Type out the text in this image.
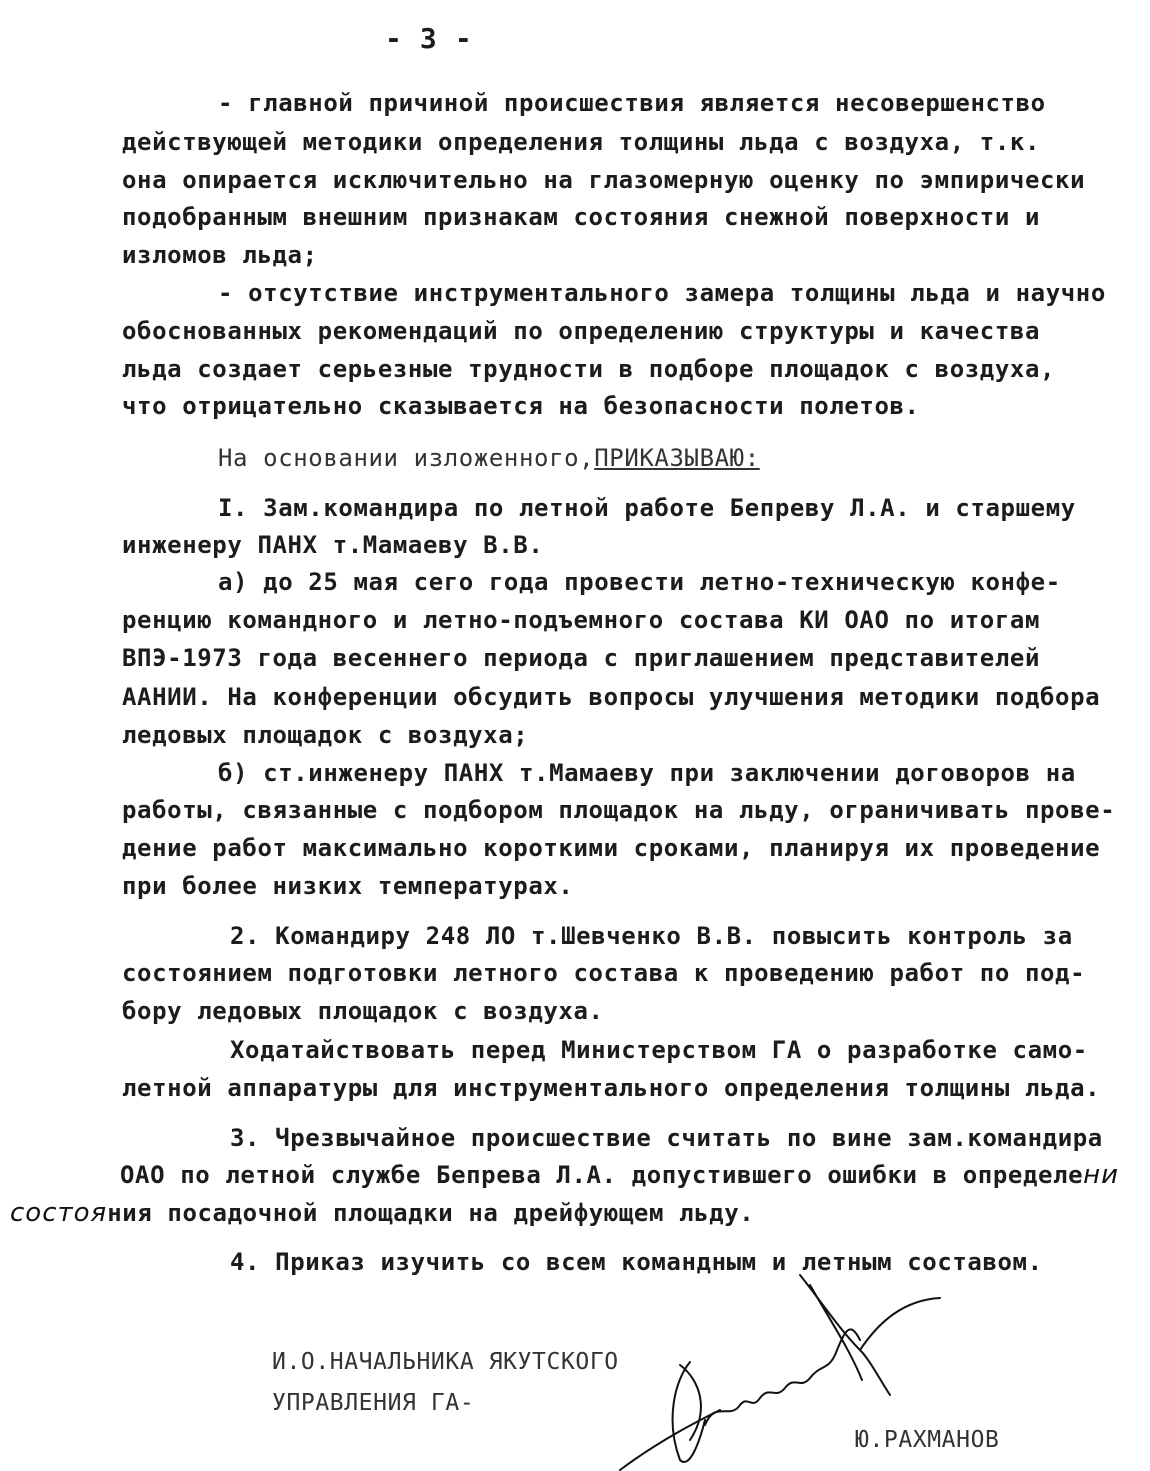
- 3 -
- главной причиной происшествия является несовершенство
действующей методики определения толщины льда с воздуха, т.к.
она опирается исключительно на глазомерную оценку по эмпирически
подобранным внешним признакам состояния снежной поверхности и
изломов льда;
- отсутствие инструментального замера толщины льда и научно
обоснованных рекомендаций по определению структуры и качества
льда создает серьезные трудности в подборе площадок с воздуха,
что отрицательно сказывается на безопасности полетов.
На основании изложенного,ПРИКАЗЫВАЮ:
I. Зам.командира по летной работе Бепреву Л.А. и старшему
инженеру ПАНХ т.Мамаеву В.В.
а) до 25 мая сего года провести летно-техническую конфе-
ренцию командного и летно-подъемного состава КИ ОАО по итогам
ВПЭ-1973 года весеннего периода с приглашением представителей
ААНИИ. На конференции обсудить вопросы улучшения методики подбора
ледовых площадок с воздуха;
б) ст.инженеру ПАНХ т.Мамаеву при заключении договоров на
работы, связанные с подбором площадок на льду, ограничивать прове-
дение работ максимально короткими сроками, планируя их проведение
при более низких температурах.
2. Командиру 248 ЛО т.Шевченко В.В. повысить контроль за
состоянием подготовки летного состава к проведению работ по под-
бору ледовых площадок с воздуха.
Ходатайствовать перед Министерством ГА о разработке само-
летной аппаратуры для инструментального определения толщины льда.
3. Чрезвычайное происшествие считать по вине зам.командира
ОАО по летной службе Бепрева Л.А. допустившего ошибки в определени
состояния посадочной площадки на дрейфующем льду.
4. Приказ изучить со всем командным и летным составом.
И.О.НАЧАЛЬНИКА ЯКУТСКОГО
УПРАВЛЕНИЯ ГА-
Ю.РАХМАНОВ
